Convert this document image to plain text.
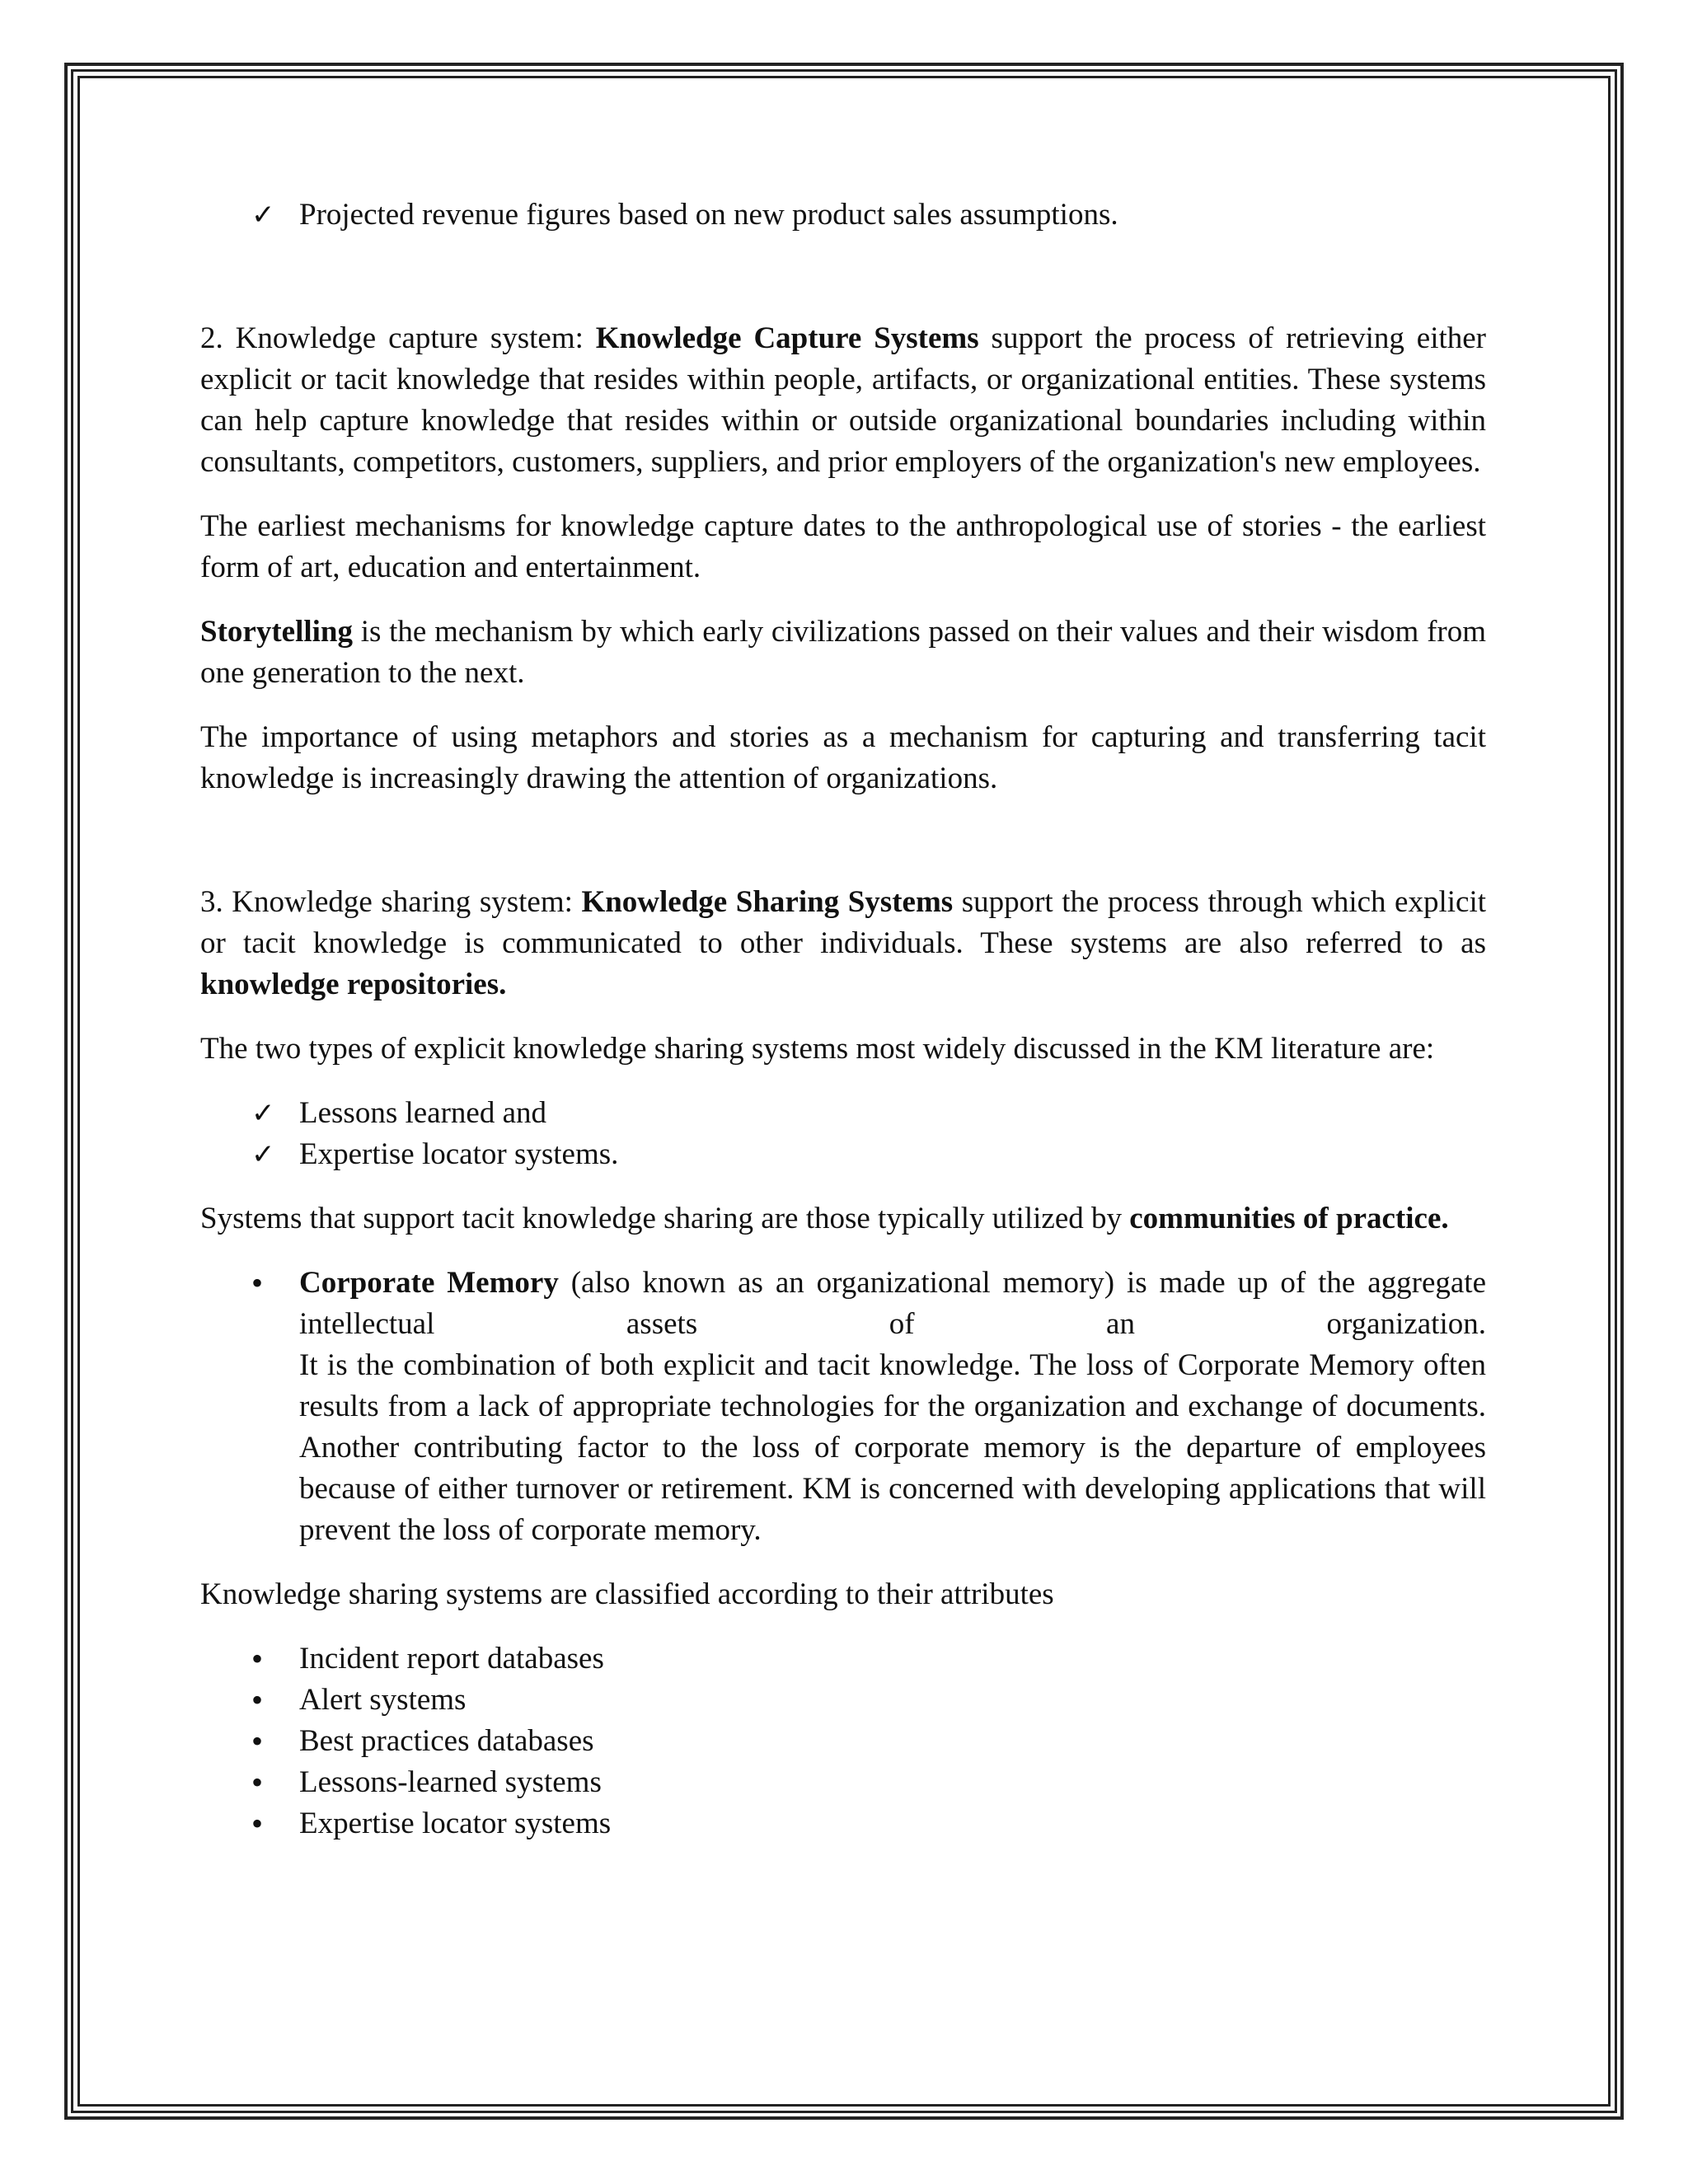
✓ Projected revenue figures based on new product sales assumptions.

2. Knowledge capture system: Knowledge Capture Systems support the process of retrieving either explicit or tacit knowledge that resides within people, artifacts, or organizational entities. These systems can help capture knowledge that resides within or outside organizational boundaries including within consultants, competitors, customers, suppliers, and prior employers of the organization's new employees.

The earliest mechanisms for knowledge capture dates to the anthropological use of stories - the earliest form of art, education and entertainment.

Storytelling is the mechanism by which early civilizations passed on their values and their wisdom from one generation to the next.

The importance of using metaphors and stories as a mechanism for capturing and transferring tacit knowledge is increasingly drawing the attention of organizations.

3. Knowledge sharing system: Knowledge Sharing Systems support the process through which explicit or tacit knowledge is communicated to other individuals. These systems are also referred to as knowledge repositories.

The two types of explicit knowledge sharing systems most widely discussed in the KM literature are:

✓ Lessons learned and
✓ Expertise locator systems.

Systems that support tacit knowledge sharing are those typically utilized by communities of practice.

• Corporate Memory (also known as an organizational memory) is made up of the aggregate intellectual assets of an organization.
It is the combination of both explicit and tacit knowledge. The loss of Corporate Memory often results from a lack of appropriate technologies for the organization and exchange of documents. Another contributing factor to the loss of corporate memory is the departure of employees because of either turnover or retirement. KM is concerned with developing applications that will prevent the loss of corporate memory.

Knowledge sharing systems are classified according to their attributes

• Incident report databases
• Alert systems
• Best practices databases
• Lessons-learned systems
• Expertise locator systems
